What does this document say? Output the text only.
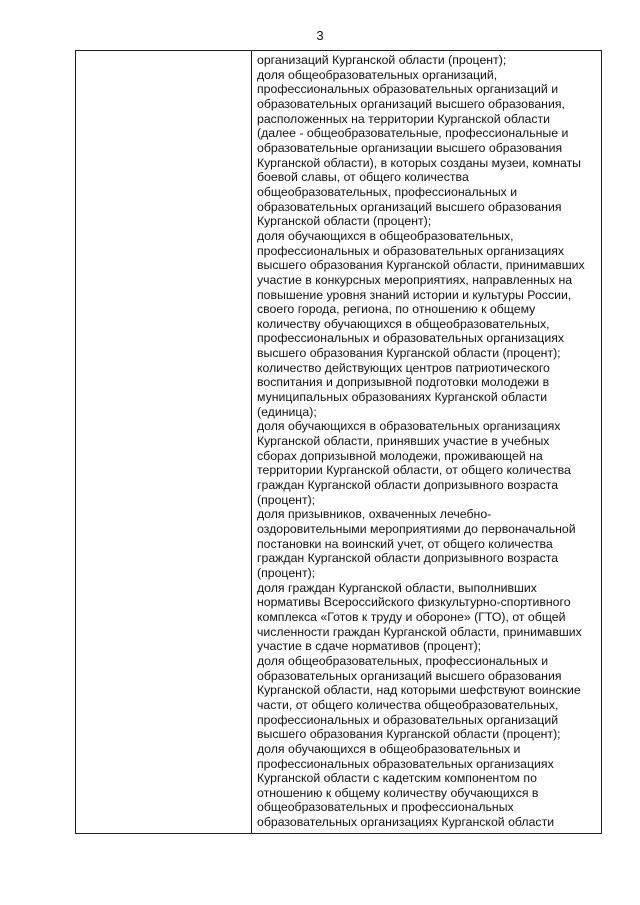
3
организаций Курганской области (процент);
доля общеобразовательных организаций,
профессиональных образовательных организаций и
образовательных организаций высшего образования,
расположенных на территории Курганской области
(далее - общеобразовательные, профессиональные и
образовательные организации высшего образования
Курганской области), в которых созданы музеи, комнаты
боевой славы, от общего количества
общеобразовательных, профессиональных и
образовательных организаций высшего образования
Курганской области (процент);
доля обучающихся в общеобразовательных,
профессиональных и образовательных организациях
высшего образования Курганской области, принимавших
участие в конкурсных мероприятиях, направленных на
повышение уровня знаний истории и культуры России,
своего города, региона, по отношению к общему
количеству обучающихся в общеобразовательных,
профессиональных и образовательных организациях
высшего образования Курганской области (процент);
количество действующих центров патриотического
воспитания и допризывной подготовки молодежи в
муниципальных образованиях Курганской области
(единица);
доля обучающихся в образовательных организациях
Курганской области, принявших участие в учебных
сборах допризывной молодежи, проживающей на
территории Курганской области, от общего количества
граждан Курганской области допризывного возраста
(процент);
доля призывников, охваченных лечебно-
оздоровительными мероприятиями до первоначальной
постановки на воинский учет, от общего количества
граждан Курганской области допризывного возраста
(процент);
доля граждан Курганской области, выполнивших
нормативы Всероссийского физкультурно-спортивного
комплекса «Готов к труду и обороне» (ГТО), от общей
численности граждан Курганской области, принимавших
участие в сдаче нормативов (процент);
доля общеобразовательных, профессиональных и
образовательных организаций высшего образования
Курганской области, над которыми шефствуют воинские
части, от общего количества общеобразовательных,
профессиональных и образовательных организаций
высшего образования Курганской области (процент);
доля обучающихся в общеобразовательных и
профессиональных образовательных организациях
Курганской области с кадетским компонентом по
отношению к общему количеству обучающихся в
общеобразовательных и профессиональных
образовательных организациях Курганской области
